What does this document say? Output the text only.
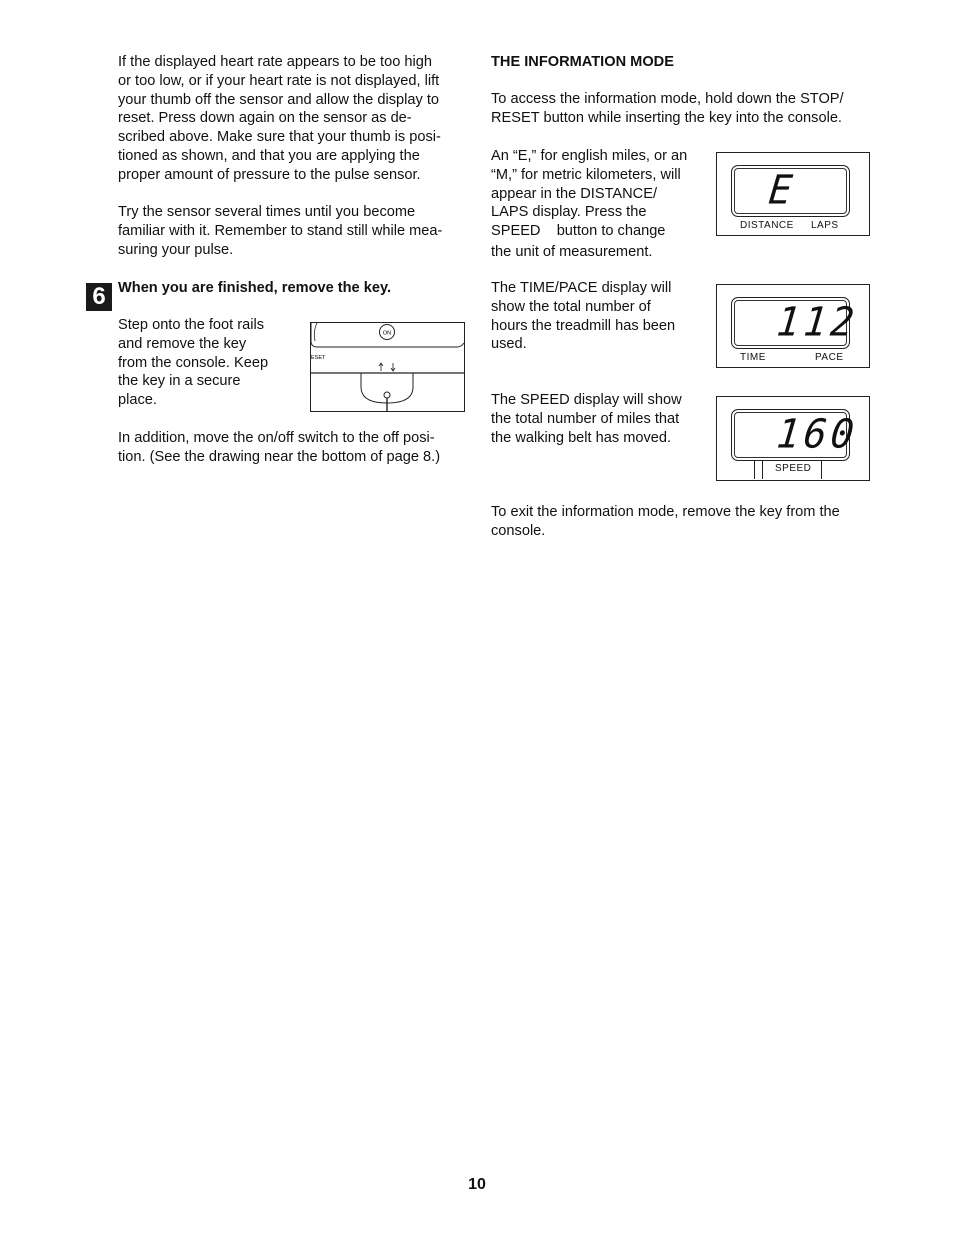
If the displayed heart rate appears to be too high
or too low, or if your heart rate is not displayed, lift
your thumb off the sensor and allow the display to
reset. Press down again on the sensor as de-
scribed above. Make sure that your thumb is posi-
tioned as shown, and that you are applying the
proper amount of pressure to the pulse sensor.
Try the sensor several times until you become
familiar with it. Remember to stand still while mea-
suring your pulse.
6 When you are finished, remove the key.
Step onto the foot rails
and remove the key
from the console. Keep
the key in a secure
place.
ON
ESET
In addition, move the on/off switch to the off posi-
tion. (See the drawing near the bottom of page 8.)
THE INFORMATION MODE
To access the information mode, hold down the STOP/
RESET button while inserting the key into the console.
An “E,” for english miles, or an
“M,” for metric kilometers, will
appear in the DISTANCE/
LAPS display. Press the
SPEED    button to change
the unit of measurement.
The TIME/PACE display will
show the total number of
hours the treadmill has been
used.
The SPEED display will show
the total number of miles that
the walking belt has moved.
To exit the information mode, remove the key from the
console.
E
DISTANCE LAPS
112
TIME	PACE
160
SPEED
10
